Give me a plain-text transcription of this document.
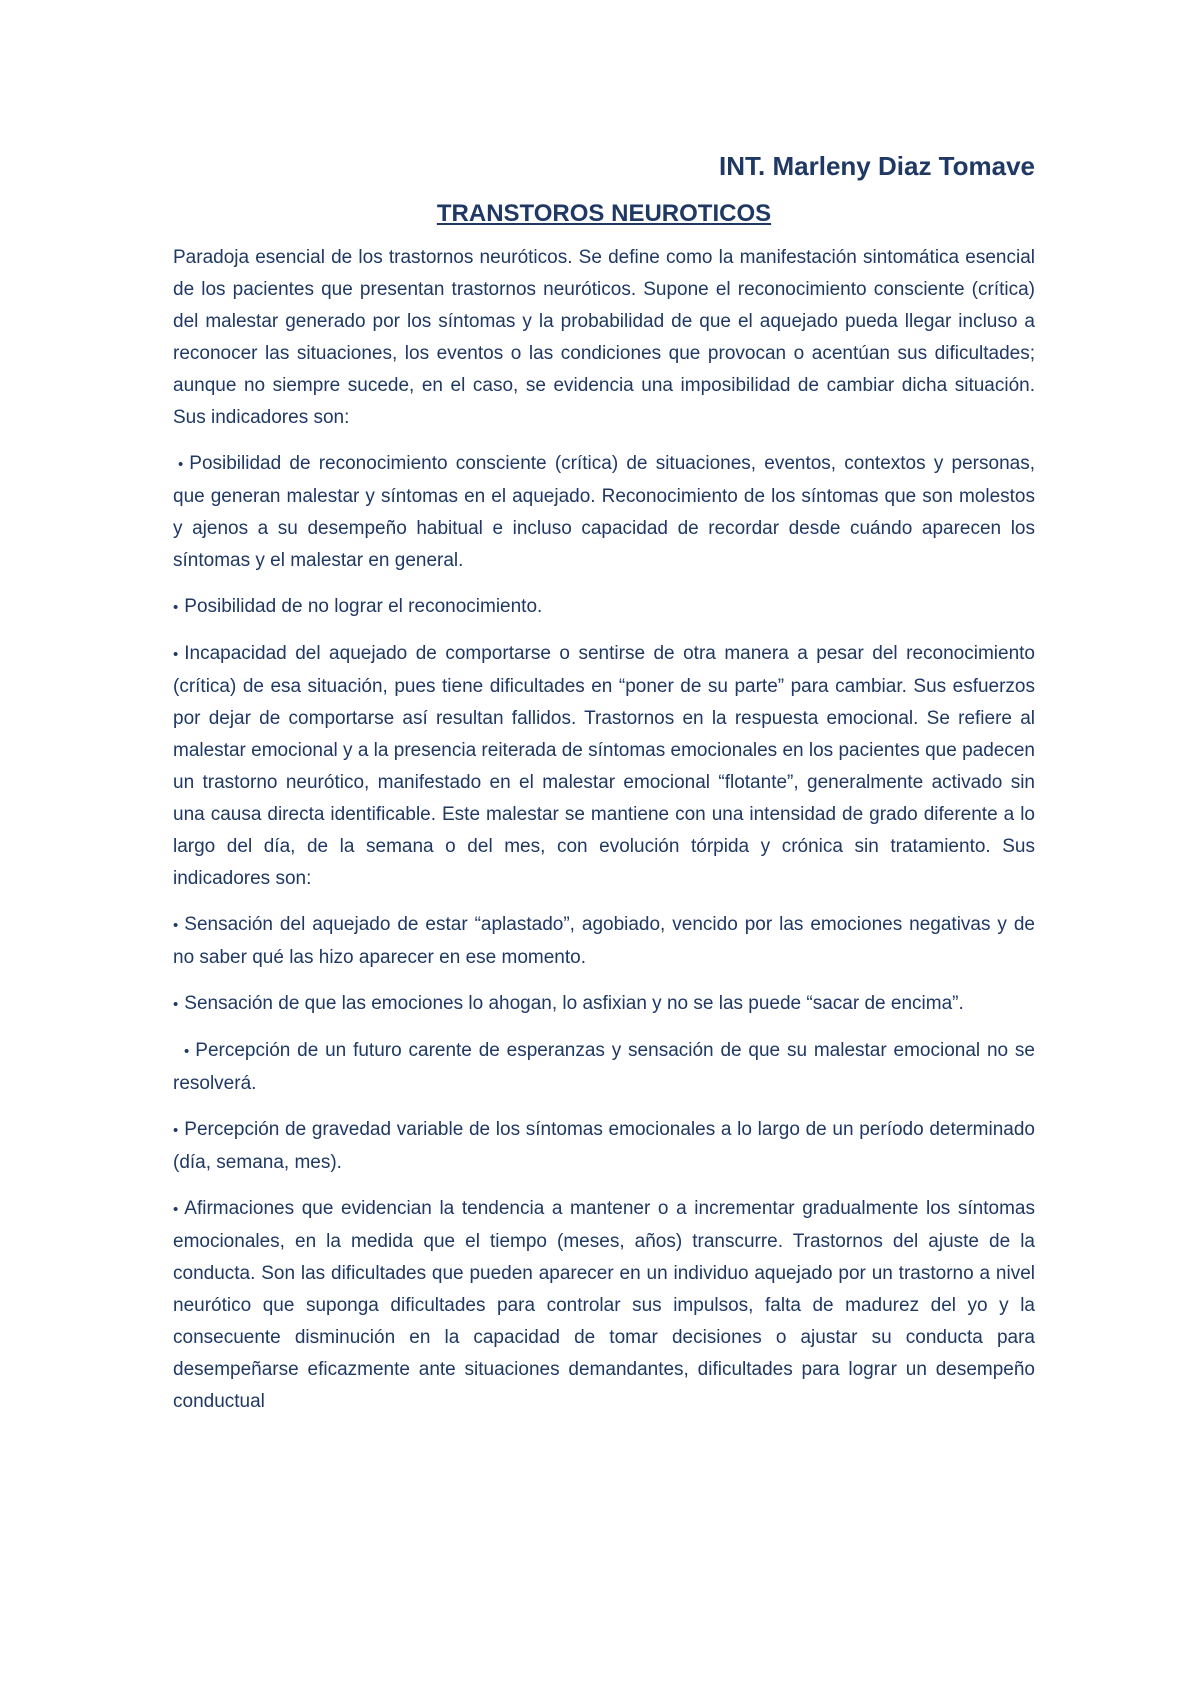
INT. Marleny Diaz Tomave
TRANSTOROS NEUROTICOS

Paradoja esencial de los trastornos neuróticos. Se define como la manifestación sintomática esencial de los pacientes que presentan trastornos neuróticos. Supone el reconocimiento consciente (crítica) del malestar generado por los síntomas y la probabilidad de que el aquejado pueda llegar incluso a reconocer las situaciones, los eventos o las condiciones que provocan o acentúan sus dificultades; aunque no siempre sucede, en el caso, se evidencia una imposibilidad de cambiar dicha situación. Sus indicadores son:

• Posibilidad de reconocimiento consciente (crítica) de situaciones, eventos, contextos y personas, que generan malestar y síntomas en el aquejado. Reconocimiento de los síntomas que son molestos y ajenos a su desempeño habitual e incluso capacidad de recordar desde cuándo aparecen los síntomas y el malestar en general.

• Posibilidad de no lograr el reconocimiento.

• Incapacidad del aquejado de comportarse o sentirse de otra manera a pesar del reconocimiento (crítica) de esa situación, pues tiene dificultades en “poner de su parte” para cambiar. Sus esfuerzos por dejar de comportarse así resultan fallidos. Trastornos en la respuesta emocional. Se refiere al malestar emocional y a la presencia reiterada de síntomas emocionales en los pacientes que padecen un trastorno neurótico, manifestado en el malestar emocional “flotante”, generalmente activado sin una causa directa identificable. Este malestar se mantiene con una intensidad de grado diferente a lo largo del día, de la semana o del mes, con evolución tórpida y crónica sin tratamiento. Sus indicadores son:

• Sensación del aquejado de estar “aplastado”, agobiado, vencido por las emociones negativas y de no saber qué las hizo aparecer en ese momento.

• Sensación de que las emociones lo ahogan, lo asfixian y no se las puede “sacar de encima”.

• Percepción de un futuro carente de esperanzas y sensación de que su malestar emocional no se resolverá.

• Percepción de gravedad variable de los síntomas emocionales a lo largo de un período determinado (día, semana, mes).

• Afirmaciones que evidencian la tendencia a mantener o a incrementar gradualmente los síntomas emocionales, en la medida que el tiempo (meses, años) transcurre. Trastornos del ajuste de la conducta. Son las dificultades que pueden aparecer en un individuo aquejado por un trastorno a nivel neurótico que suponga dificultades para controlar sus impulsos, falta de madurez del yo y la consecuente disminución en la capacidad de tomar decisiones o ajustar su conducta para desempeñarse eficazmente ante situaciones demandantes, dificultades para lograr un desempeño conductual
